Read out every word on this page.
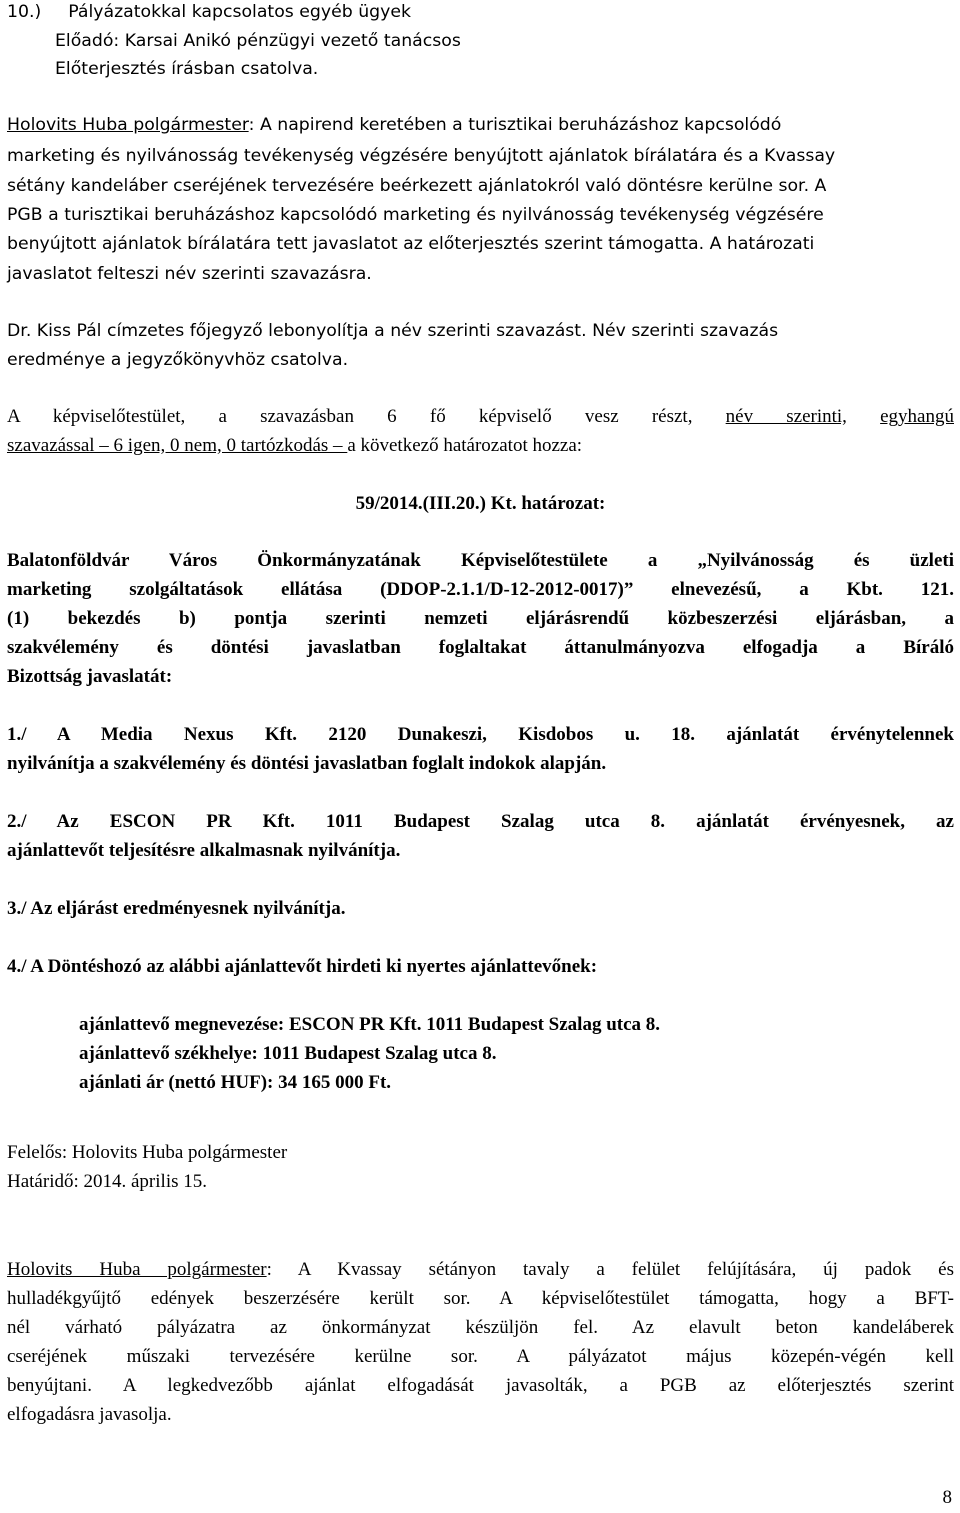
10.) Pályázatokkal kapcsolatos egyéb ügyek
Előadó: Karsai Anikó pénzügyi vezető tanácsos
Előterjesztés írásban csatolva.
Holovits Huba polgármester: A napirend keretében a turisztikai beruházáshoz kapcsolódó
marketing és nyilvánosság tevékenység végzésére benyújtott ajánlatok bírálatára és a Kvassay
sétány kandeláber cseréjének tervezésére beérkezett ajánlatokról való döntésre kerülne sor. A
PGB a turisztikai beruházáshoz kapcsolódó marketing és nyilvánosság tevékenység végzésére
benyújtott ajánlatok bírálatára tett javaslatot az előterjesztés szerint támogatta. A határozati
javaslatot felteszi név szerinti szavazásra.
Dr. Kiss Pál címzetes főjegyző lebonyolítja a név szerinti szavazást. Név szerinti szavazás
eredménye a jegyzőkönyvhöz csatolva.
A képviselőtestület, a szavazásban 6 fő képviselő vesz részt, név szerinti, egyhangú
szavazással – 6 igen, 0 nem, 0 tartózkodás – a következő határozatot hozza:
59/2014.(III.20.) Kt. határozat:
Balatonföldvár Város Önkormányzatának Képviselőtestülete a „Nyilvánosság és üzleti
marketing szolgáltatások ellátása (DDOP-2.1.1/D-12-2012-0017)” elnevezésű, a Kbt. 121.
(1) bekezdés b) pontja szerinti nemzeti eljárásrendű közbeszerzési eljárásban, a
szakvélemény és döntési javaslatban foglaltakat áttanulmányozva elfogadja a Bíráló
Bizottság javaslatát:
1./ A Media Nexus Kft. 2120 Dunakeszi, Kisdobos u. 18. ajánlatát érvénytelennek
nyilvánítja a szakvélemény és döntési javaslatban foglalt indokok alapján.
2./ Az ESCON PR Kft. 1011 Budapest Szalag utca 8. ajánlatát érvényesnek, az
ajánlattevőt teljesítésre alkalmasnak nyilvánítja.
3./ Az eljárást eredményesnek nyilvánítja.
4./ A Döntéshozó az alábbi ajánlattevőt hirdeti ki nyertes ajánlattevőnek:
ajánlattevő megnevezése: ESCON PR Kft. 1011 Budapest Szalag utca 8.
ajánlattevő székhelye: 1011 Budapest Szalag utca 8.
ajánlati ár (nettó HUF): 34 165 000 Ft.
Felelős: Holovits Huba polgármester
Határidő: 2014. április 15.
Holovits Huba polgármester: A Kvassay sétányon tavaly a felület felújítására, új padok és
hulladékgyűjtő edények beszerzésére került sor. A képviselőtestület támogatta, hogy a BFT-
nél várható pályázatra az önkormányzat készüljön fel. Az elavult beton kandeláberek
cseréjének műszaki tervezésére kerülne sor. A pályázatot május közepén-végén kell
benyújtani. A legkedvezőbb ajánlat elfogadását javasolták, a PGB az előterjesztés szerint
elfogadásra javasolja.
8
